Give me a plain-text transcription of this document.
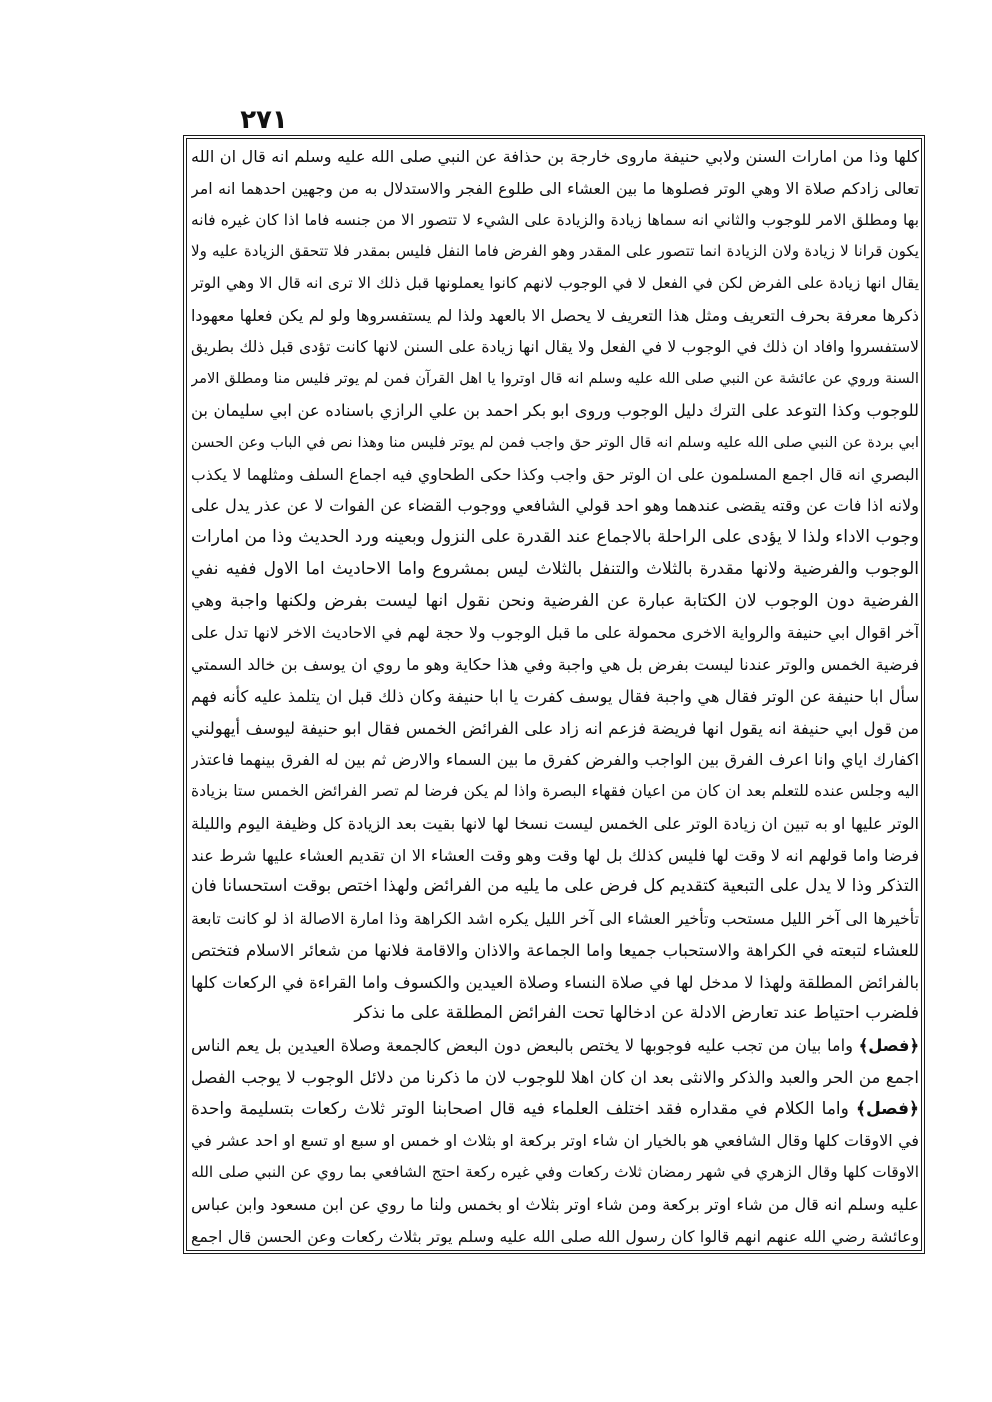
٢٧١
كلها وذا من امارات السنن ولابي حنيفة ماروى خارجة بن حذافة عن النبي صلى الله عليه وسلم انه قال ان الله
تعالى زادكم صلاة الا وهي الوتر فصلوها ما بين العشاء الى طلوع الفجر والاستدلال به من وجهين احدهما انه امر
بها ومطلق الامر للوجوب والثاني انه سماها زيادة والزيادة على الشيء لا تتصور الا من جنسه فاما اذا كان غيره فانه
يكون قرانا لا زيادة ولان الزيادة انما تتصور على المقدر وهو الفرض فاما النفل فليس بمقدر فلا تتحقق الزيادة عليه ولا
يقال انها زيادة على الفرض لكن في الفعل لا في الوجوب لانهم كانوا يعملونها قبل ذلك الا ترى انه قال الا وهي الوتر
ذكرها معرفة بحرف التعريف ومثل هذا التعريف لا يحصل الا بالعهد ولذا لم يستفسروها ولو لم يكن فعلها معهودا
لاستفسروا وافاد ان ذلك في الوجوب لا في الفعل ولا يقال انها زيادة على السنن لانها كانت تؤدى قبل ذلك بطريق
السنة وروي عن عائشة عن النبي صلى الله عليه وسلم انه قال اوتروا يا اهل القرآن فمن لم يوتر فليس منا ومطلق الامر
للوجوب وكذا التوعد على الترك دليل الوجوب وروى ابو بكر احمد بن علي الرازي باسناده عن ابي سليمان بن
ابي بردة عن النبي صلى الله عليه وسلم انه قال الوتر حق واجب فمن لم يوتر فليس منا وهذا نص في الباب وعن الحسن
البصري انه قال اجمع المسلمون على ان الوتر حق واجب وكذا حكى الطحاوي فيه اجماع السلف ومثلهما لا يكذب
ولانه اذا فات عن وقته يقضى عندهما وهو احد قولي الشافعي ووجوب القضاء عن الفوات لا عن عذر يدل على
وجوب الاداء ولذا لا يؤدى على الراحلة بالاجماع عند القدرة على النزول وبعينه ورد الحديث وذا من امارات
الوجوب والفرضية ولانها مقدرة بالثلاث والتنفل بالثلاث ليس بمشروع واما الاحاديث اما الاول ففيه نفي
الفرضية دون الوجوب لان الكتابة عبارة عن الفرضية ونحن نقول انها ليست بفرض ولكنها واجبة وهي
آخر اقوال ابي حنيفة والرواية الاخرى محمولة على ما قبل الوجوب ولا حجة لهم في الاحاديث الاخر لانها تدل على
فرضية الخمس والوتر عندنا ليست بفرض بل هي واجبة وفي هذا حكاية وهو ما روي ان يوسف بن خالد السمتي
سأل ابا حنيفة عن الوتر فقال هي واجبة فقال يوسف كفرت يا ابا حنيفة وكان ذلك قبل ان يتلمذ عليه كأنه فهم
من قول ابي حنيفة انه يقول انها فريضة فزعم انه زاد على الفرائض الخمس فقال ابو حنيفة ليوسف أيهولني
اكفارك اياي وانا اعرف الفرق بين الواجب والفرض كفرق ما بين السماء والارض ثم بين له الفرق بينهما فاعتذر
اليه وجلس عنده للتعلم بعد ان كان من اعيان فقهاء البصرة واذا لم يكن فرضا لم تصر الفرائض الخمس ستا بزيادة
الوتر عليها او به تبين ان زيادة الوتر على الخمس ليست نسخا لها لانها بقيت بعد الزيادة كل وظيفة اليوم والليلة
فرضا واما قولهم انه لا وقت لها فليس كذلك بل لها وقت وهو وقت العشاء الا ان تقديم العشاء عليها شرط عند
التذكر وذا لا يدل على التبعية كتقديم كل فرض على ما يليه من الفرائض ولهذا اختص بوقت استحسانا فان
تأخيرها الى آخر الليل مستحب وتأخير العشاء الى آخر الليل يكره اشد الكراهة وذا امارة الاصالة اذ لو كانت تابعة
للعشاء لتبعته في الكراهة والاستحباب جميعا واما الجماعة والاذان والاقامة فلانها من شعائر الاسلام فتختص
بالفرائض المطلقة ولهذا لا مدخل لها في صلاة النساء وصلاة العيدين والكسوف واما القراءة في الركعات كلها
فلضرب احتياط عند تعارض الادلة عن ادخالها تحت الفرائض المطلقة على ما نذكر
﴿فصل﴾ واما بيان من تجب عليه فوجوبها لا يختص بالبعض دون البعض كالجمعة وصلاة العيدين بل يعم الناس
اجمع من الحر والعبد والذكر والانثى بعد ان كان اهلا للوجوب لان ما ذكرنا من دلائل الوجوب لا يوجب الفصل
﴿فصل﴾ واما الكلام في مقداره فقد اختلف العلماء فيه قال اصحابنا الوتر ثلاث ركعات بتسليمة واحدة
في الاوقات كلها وقال الشافعي هو بالخيار ان شاء اوتر بركعة او بثلاث او خمس او سبع او تسع او احد عشر في
الاوقات كلها وقال الزهري في شهر رمضان ثلاث ركعات وفي غيره ركعة احتج الشافعي بما روي عن النبي صلى الله
عليه وسلم انه قال من شاء اوتر بركعة ومن شاء اوتر بثلاث او بخمس ولنا ما روي عن ابن مسعود وابن عباس
وعائشة رضي الله عنهم انهم قالوا كان رسول الله صلى الله عليه وسلم يوتر بثلاث ركعات وعن الحسن قال اجمع
